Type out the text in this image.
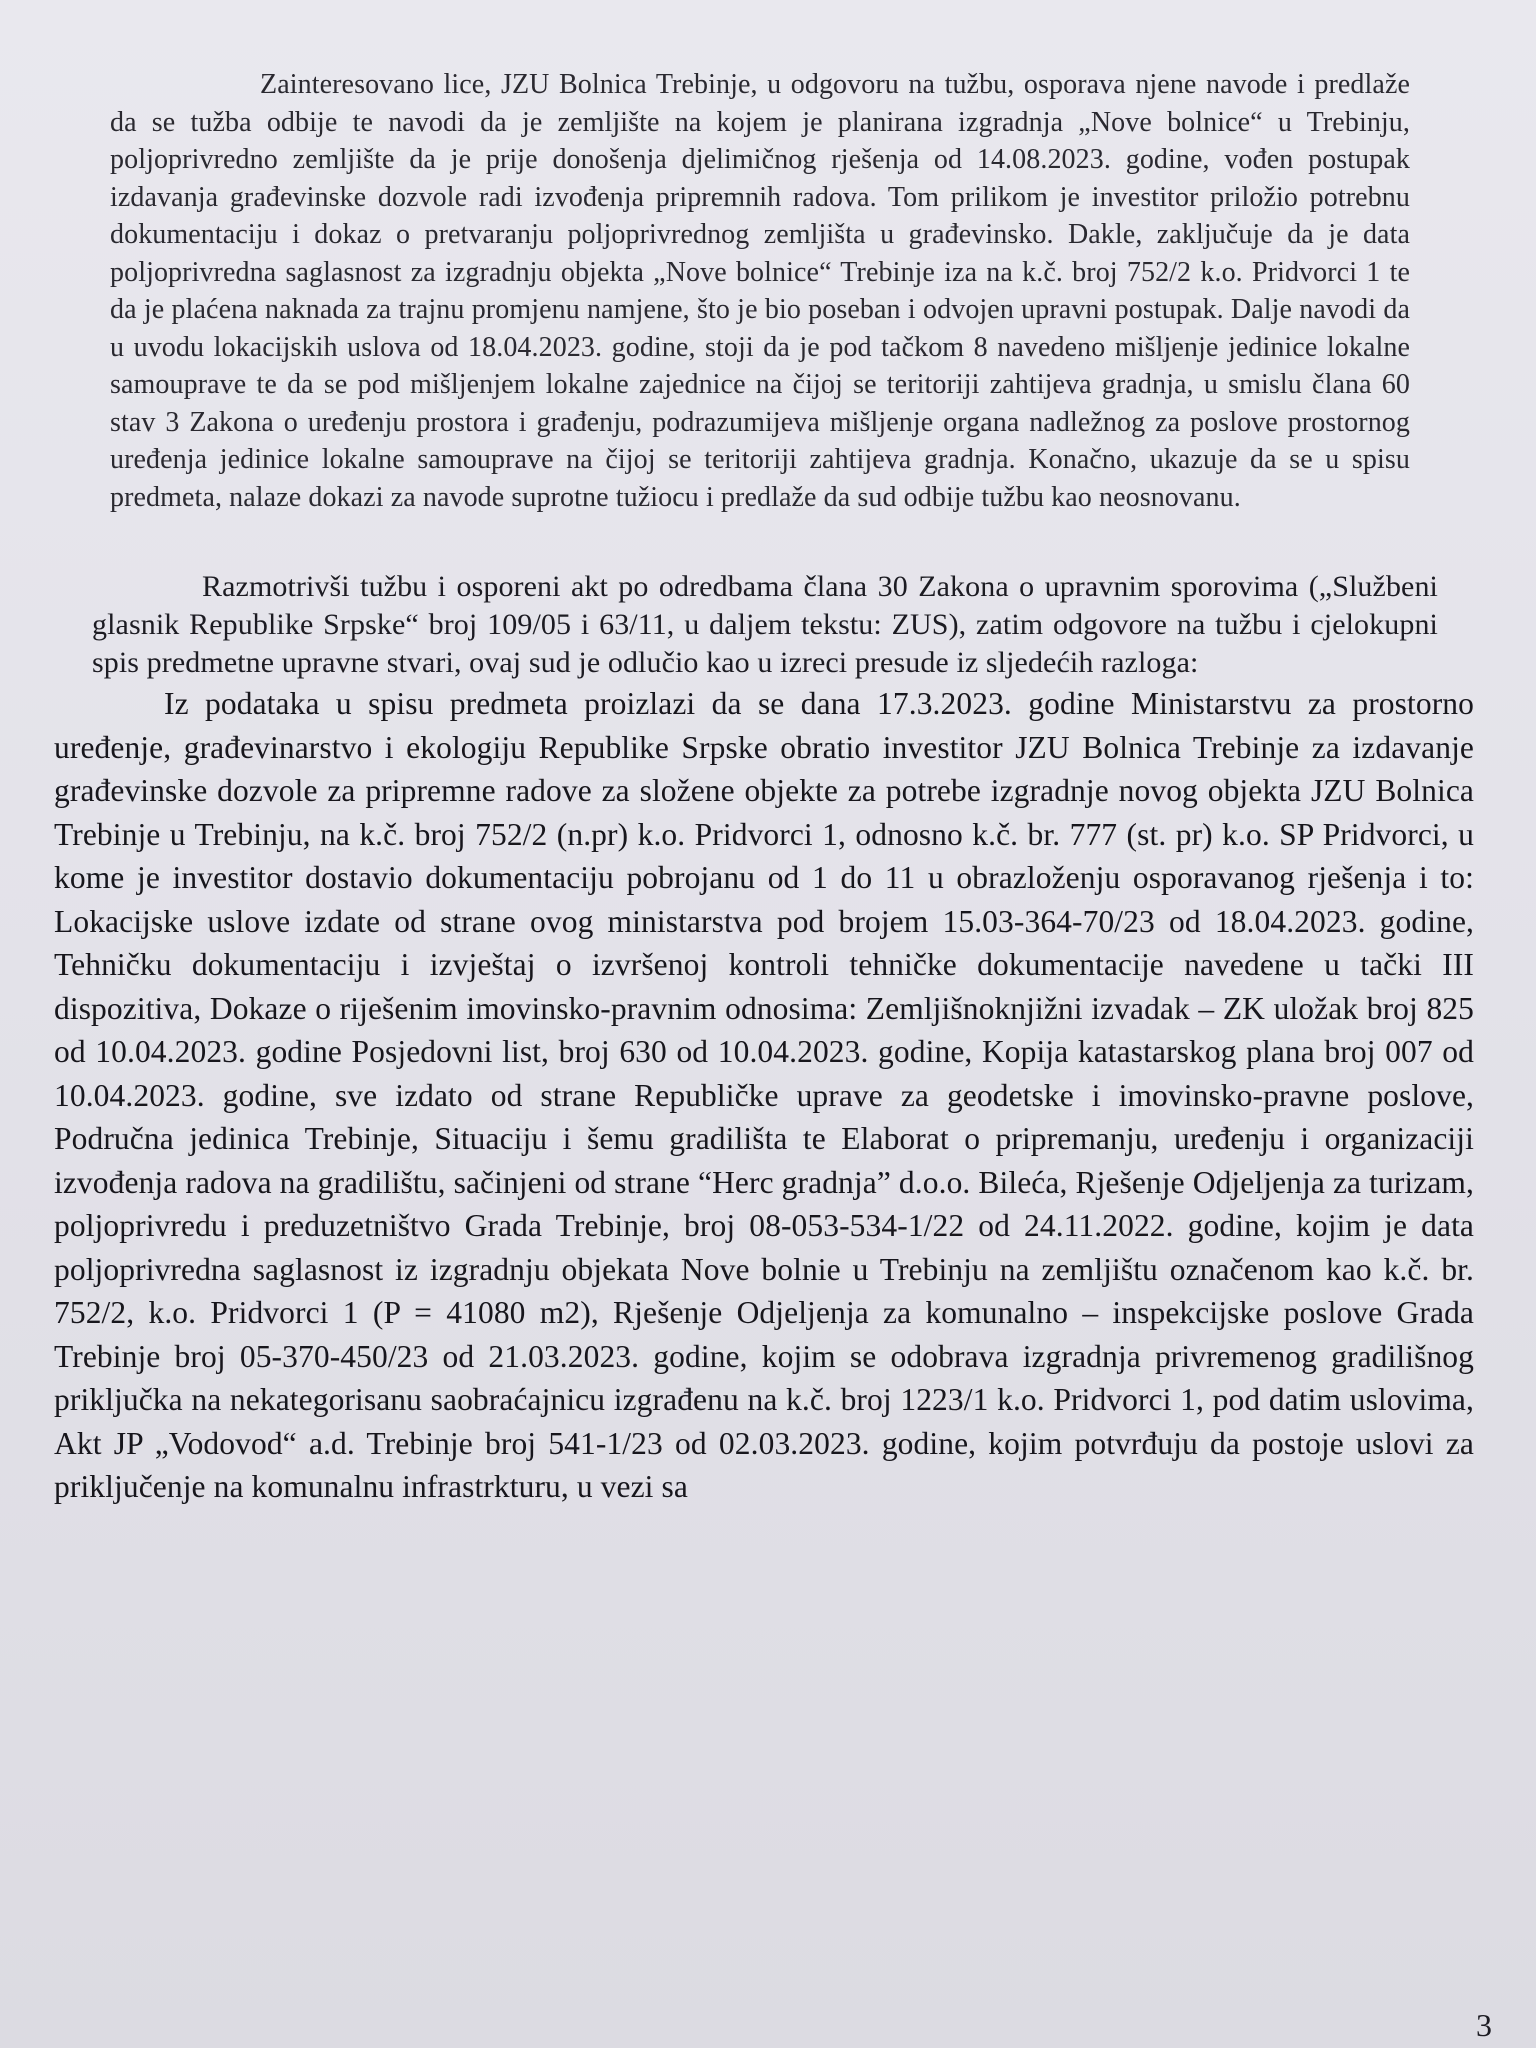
Zainteresovano lice, JZU Bolnica Trebinje, u odgovoru na tužbu, osporava njene navode i predlaže da se tužba odbije te navodi da je zemljište na kojem je planirana izgradnja „Nove bolnice“ u Trebinju, poljoprivredno zemljište da je prije donošenja djelimičnog rješenja od 14.08.2023. godine, vođen postupak izdavanja građevinske dozvole radi izvođenja pripremnih radova. Tom prilikom je investitor priložio potrebnu dokumentaciju i dokaz o pretvaranju poljoprivrednog zemljišta u građevinsko. Dakle, zaključuje da je data poljoprivredna saglasnost za izgradnju objekta „Nove bolnice“ Trebinje iza na k.č. broj 752/2 k.o. Pridvorci 1 te da je plaćena naknada za trajnu promjenu namjene, što je bio poseban i odvojen upravni postupak. Dalje navodi da u uvodu lokacijskih uslova od 18.04.2023. godine, stoji da je pod tačkom 8 navedeno mišljenje jedinice lokalne samouprave te da se pod mišljenjem lokalne zajednice na čijoj se teritoriji zahtijeva gradnja, u smislu člana 60 stav 3 Zakona o uređenju prostora i građenju, podrazumijeva mišljenje organa nadležnog za poslove prostornog uređenja jedinice lokalne samouprave na čijoj se teritoriji zahtijeva gradnja. Konačno, ukazuje da se u spisu predmeta, nalaze dokazi za navode suprotne tužiocu i predlaže da sud odbije tužbu kao neosnovanu.

Razmotrivši tužbu i osporeni akt po odredbama člana 30 Zakona o upravnim sporovima („Službeni glasnik Republike Srpske“ broj 109/05 i 63/11, u daljem tekstu: ZUS), zatim odgovore na tužbu i cjelokupni spis predmetne upravne stvari, ovaj sud je odlučio kao u izreci presude iz sljedećih razloga:

Iz podataka u spisu predmeta proizlazi da se dana 17.3.2023. godine Ministarstvu za prostorno uređenje, građevinarstvo i ekologiju Republike Srpske obratio investitor JZU Bolnica Trebinje za izdavanje građevinske dozvole za pripremne radove za složene objekte za potrebe izgradnje novog objekta JZU Bolnica Trebinje u Trebinju, na k.č. broj 752/2 (n.pr) k.o. Pridvorci 1, odnosno k.č. br. 777 (st. pr) k.o. SP Pridvorci, u kome je investitor dostavio dokumentaciju pobrojanu od 1 do 11 u obrazloženju osporavanog rješenja i to: Lokacijske uslove izdate od strane ovog ministarstva pod brojem 15.03-364-70/23 od 18.04.2023. godine, Tehničku dokumentaciju i izvještaj o izvršenoj kontroli tehničke dokumentacije navedene u tački III dispozitiva, Dokaze o riješenim imovinsko-pravnim odnosima: Zemljišnoknjižni izvadak – ZK uložak broj 825 od 10.04.2023. godine Posjedovni list, broj 630 od 10.04.2023. godine, Kopija katastarskog plana broj 007 od 10.04.2023. godine, sve izdato od strane Republičke uprave za geodetske i imovinsko-pravne poslove, Područna jedinica Trebinje, Situaciju i šemu gradilišta te Elaborat o pripremanju, uređenju i organizaciji izvođenja radova na gradilištu, sačinjeni od strane “Herc gradnja” d.o.o. Bileća, Rješenje Odjeljenja za turizam, poljoprivredu i preduzetništvo Grada Trebinje, broj 08-053-534-1/22 od 24.11.2022. godine, kojim je data poljoprivredna saglasnost iz izgradnju objekata Nove bolnie u Trebinju na zemljištu označenom kao k.č. br. 752/2, k.o. Pridvorci 1 (P = 41080 m2), Rješenje Odjeljenja za komunalno – inspekcijske poslove Grada Trebinje broj 05-370-450/23 od 21.03.2023. godine, kojim se odobrava izgradnja privremenog gradilišnog priključka na nekategorisanu saobraćajnicu izgrađenu na k.č. broj 1223/1 k.o. Pridvorci 1, pod datim uslovima, Akt JP „Vodovod“ a.d. Trebinje broj 541-1/23 od 02.03.2023. godine, kojim potvrđuju da postoje uslovi za priključenje na komunalnu infrastrkturu, u vezi sa

3
